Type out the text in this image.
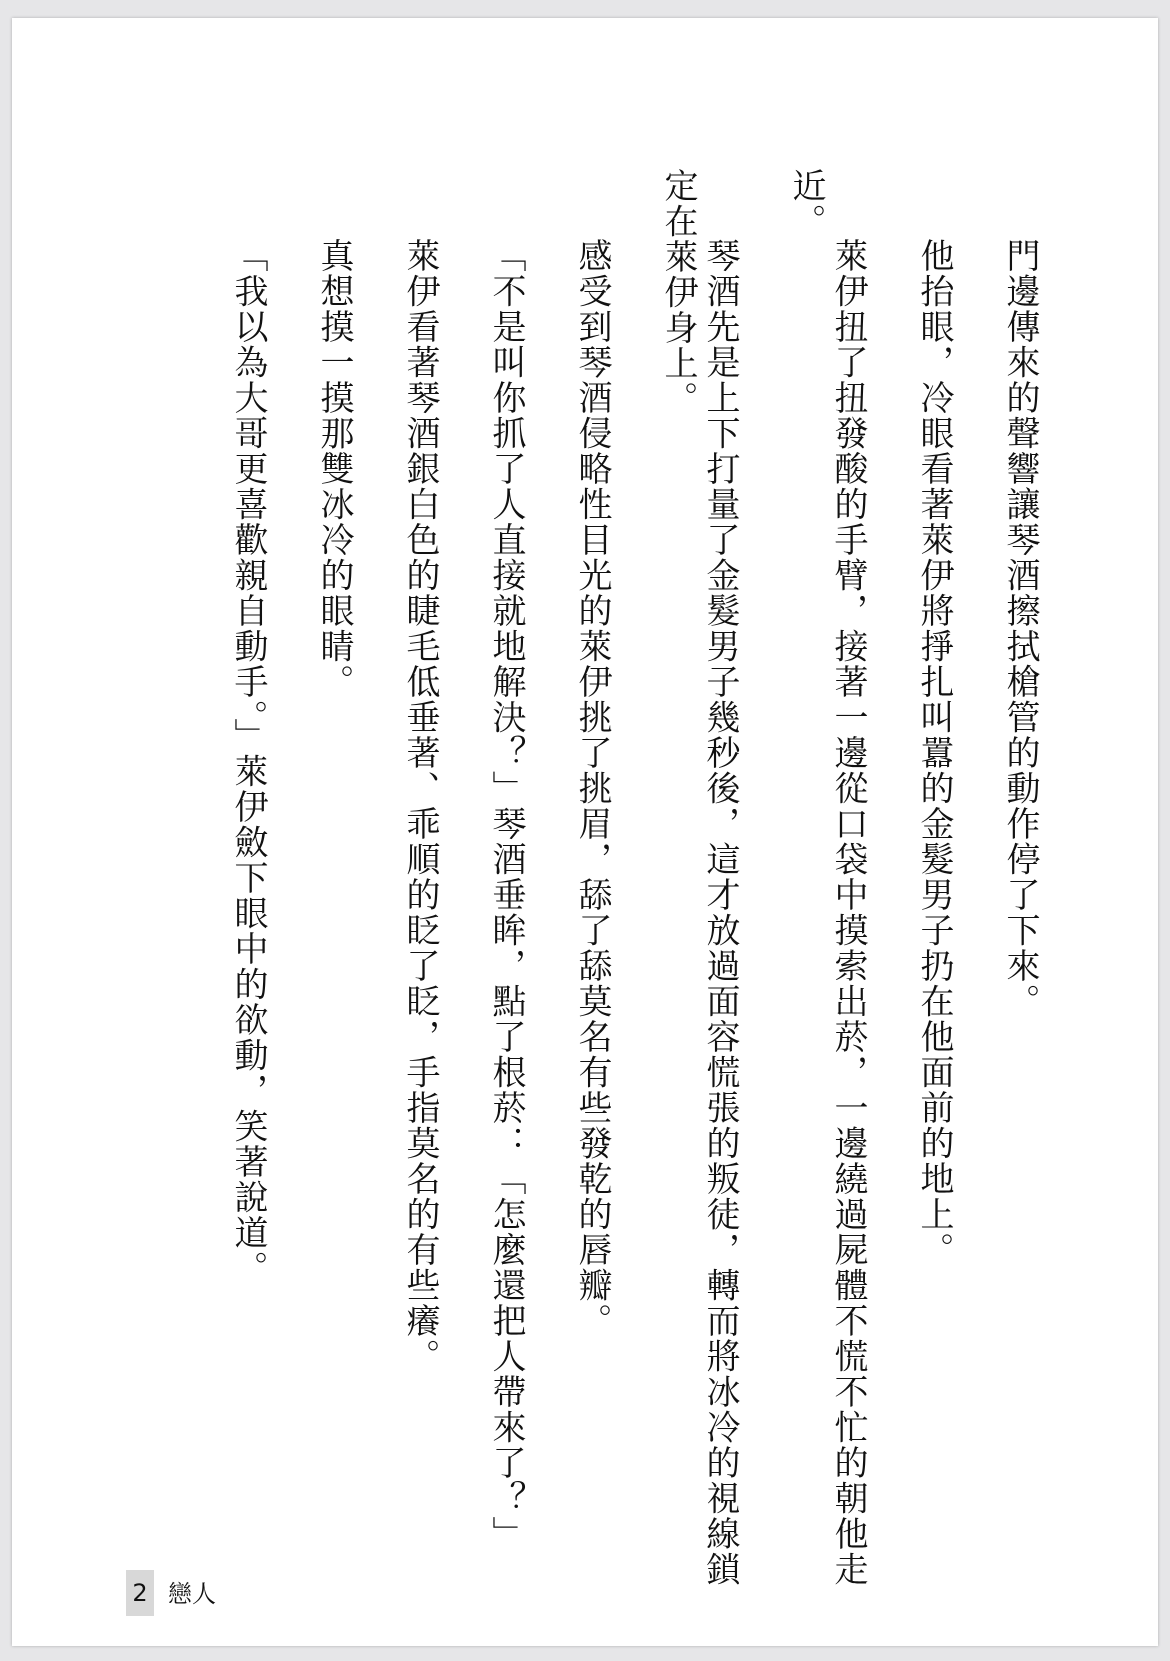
門邊傳來的聲響讓琴酒擦拭槍管的動作停了下來。
他抬眼，冷眼看著萊伊將掙扎叫囂的金髮男子扔在他面前的地上。
萊伊扭了扭發酸的手臂，接著一邊從口袋中摸索出菸，一邊繞過屍體不慌不忙的朝他走
近。
琴酒先是上下打量了金髮男子幾秒後，這才放過面容慌張的叛徒，轉而將冰冷的視線鎖
定在萊伊身上。
感受到琴酒侵略性目光的萊伊挑了挑眉，舔了舔莫名有些發乾的唇瓣。
「不是叫你抓了人直接就地解決？」琴酒垂眸，點了根菸：「怎麼還把人帶來了？」
萊伊看著琴酒銀白色的睫毛低垂著、乖順的眨了眨，手指莫名的有些癢。
真想摸一摸那雙冰冷的眼睛。
「我以為大哥更喜歡親自動手。」萊伊斂下眼中的欲動，笑著說道。
2 戀人
